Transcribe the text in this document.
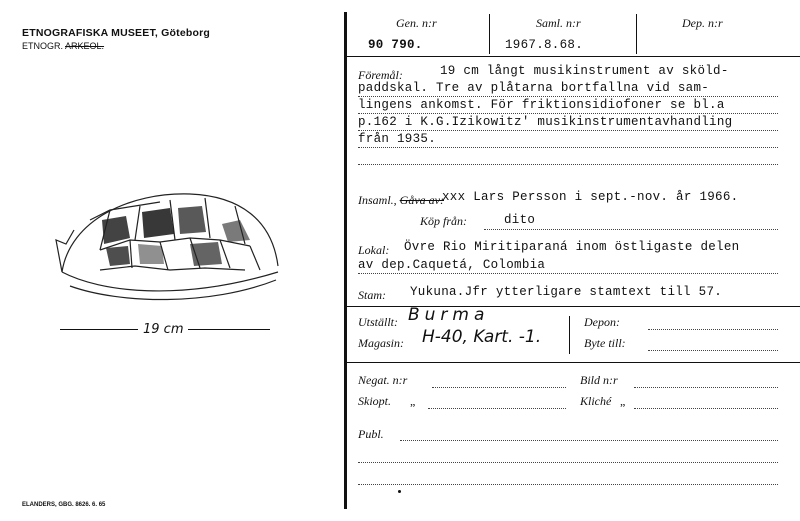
ETNOGRAFISKA MUSEET, Göteborg
ETNOGR. ARKEOL.
19 cm
ELANDERS, GBG. 8626. 6. 65
Gen. n:r
90 790.
Saml. n:r
1967.8.68.
Dep. n:r
Föremål:	19 cm långt musikinstrument av sköld-
paddskal. Tre av plåtarna bortfallna vid sam-
lingens ankomst. För friktionsidiofoner se bl.a
p.162 i K.G.Izikowitz' musikinstrumentavhandling
från 1935.
Insaml., Gåva av:
xxx Lars Persson i sept.-nov. år 1966.
Köp från:	dito
Lokal: Övre Rio Miritiparaná inom östligaste delen
av dep.Caquetá, Colombia
Stam: Yukuna.Jfr ytterligare stamtext till 57.
Utställt: Burma
Magasin: H-40, Kart. -1.
Depon:
Byte till:
Negat. n:r	Bild n:r
Skiopt. „	Kliché „
Publ.
